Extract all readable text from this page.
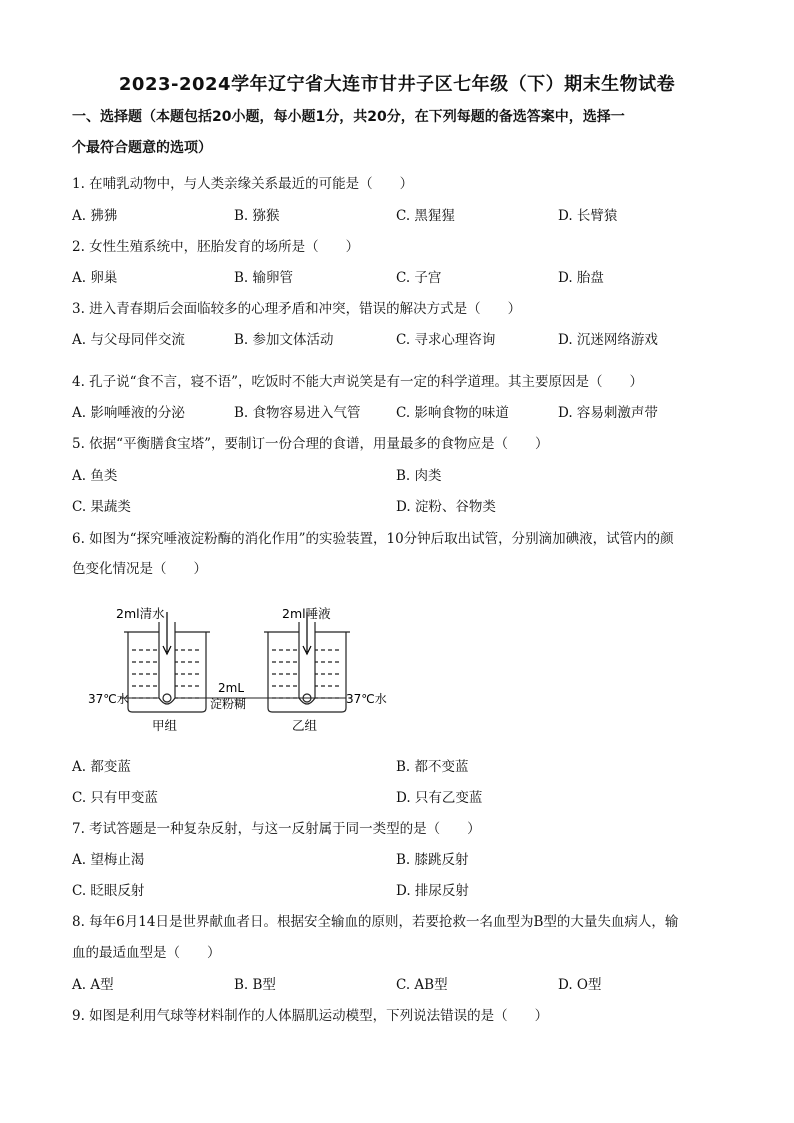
2023-2024学年辽宁省大连市甘井子区七年级（下）期末生物试卷
一、选择题（本题包括20小题，每小题1分，共20分，在下列每题的备选答案中，选择一
个最符合题意的选项）
1. 在哺乳动物中，与人类亲缘关系最近的可能是（　　）
A. 狒狒	B. 猕猴	C. 黑猩猩	D. 长臂猿
2. 女性生殖系统中，胚胎发育的场所是（　　）
A. 卵巢	B. 输卵管	C. 子宫	D. 胎盘
3. 进入青春期后会面临较多的心理矛盾和冲突，错误的解决方式是（　　）
A. 与父母同伴交流	B. 参加文体活动	C. 寻求心理咨询	D. 沉迷网络游戏
4. 孔子说“食不言，寝不语”，吃饭时不能大声说笑是有一定的科学道理。其主要原因是（　　）
A. 影响唾液的分泌	B. 食物容易进入气管	C. 影响食物的味道	D. 容易刺激声带
5. 依据“平衡膳食宝塔”，要制订一份合理的食谱，用量最多的食物应是（　　）
A. 鱼类	B. 肉类
C. 果蔬类	D. 淀粉、谷物类
6. 如图为“探究唾液淀粉酶的消化作用”的实验装置，10分钟后取出试管，分别滴加碘液，试管内的颜
色变化情况是（　　）
2ml清水	2ml唾液
37℃水
2mL
淀粉糊	37℃水
甲组	乙组
A. 都变蓝	B. 都不变蓝
C. 只有甲变蓝	D. 只有乙变蓝
7. 考试答题是一种复杂反射，与这一反射属于同一类型的是（　　）
A. 望梅止渴	B. 膝跳反射
C. 眨眼反射	D. 排尿反射
8. 每年6月14日是世界献血者日。根据安全输血的原则，若要抢救一名血型为B型的大量失血病人，输
血的最适血型是（　　）
A. A型	B. B型	C. AB型	D. O型
9. 如图是利用气球等材料制作的人体膈肌运动模型，下列说法错误的是（　　）
